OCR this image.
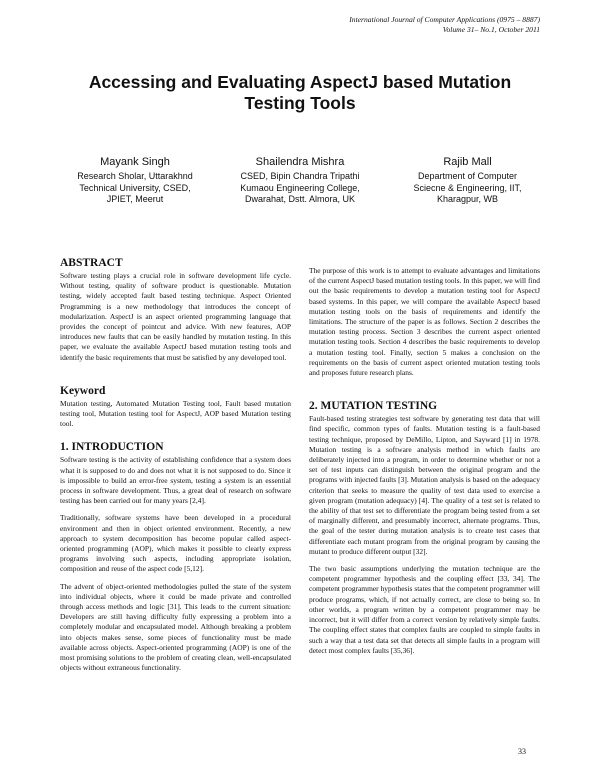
International Journal of Computer Applications (0975 – 8887)
Volume 31– No.1, October 2011
Accessing and Evaluating AspectJ based Mutation Testing Tools
Mayank Singh
Research Sholar, Uttarakhnd Technical University, CSED, JPIET, Meerut
Shailendra Mishra
CSED, Bipin Chandra Tripathi Kumaou Engineering College, Dwarahat, Dstt. Almora, UK
Rajib Mall
Department of Computer Sciecne & Engineering, IIT, Kharagpur, WB
ABSTRACT

Software testing plays a crucial role in software development life cycle. Without testing, quality of software product is questionable. Mutation testing, widely accepted fault based testing technique. Aspect Oriented Programming is a new methodology that introduces the concept of modularization. AspectJ is an aspect oriented programming language that provides the concept of pointcut and advice. With new features, AOP introduces new faults that can be easily handled by mutation testing. In this paper, we evaluate the available AspectJ based mutation testing tools and identify the basic requirements that must be satisfied by any developed tool.

Keyword

Mutation testing, Automated Mutation Testing tool, Fault based mutation testing tool, Mutation testing tool for AspectJ, AOP based Mutation testing tool.

1. INTRODUCTION

Software testing is the activity of establishing confidence that a system does what it is supposed to do and does not what it is not supposed to do. Since it is impossible to build an error-free system, testing a system is an essential process in software development. Thus, a great deal of research on software testing has been carried out for many years [2,4].

Traditionally, software systems have been developed in a procedural environment and then in object oriented environment. Recently, a new approach to system decomposition has become popular called aspect-oriented programming (AOP), which makes it possible to clearly express programs involving such aspects, including appropriate isolation, composition and reuse of the aspect code [5,12].

The advent of object-oriented methodologies pulled the state of the system into individual objects, where it could be made private and controlled through access methods and logic [31]. This leads to the current situation: Developers are still having difficulty fully expressing a problem into a completely modular and encapsulated model. Although breaking a problem into objects makes sense, some pieces of functionality must be made available across objects. Aspect-oriented programming (AOP) is one of the most promising solutions to the problem of creating clean, well-encapsulated objects without extraneous functionality.

The purpose of this work is to attempt to evaluate advantages and limitations of the current AspectJ based mutation testing tools. In this paper, we will find out the basic requirements to develop a mutation testing tool for AspectJ based systems. In this paper, we will compare the available AspectJ based mutation testing tools on the basis of requirements and identify the limitations. The structure of the paper is as follows. Section 2 describes the mutation testing process. Section 3 describes the current aspect oriented mutation testing tools. Section 4 describes the basic requirements to develop a mutation testing tool. Finally, section 5 makes a conclusion on the requirements on the basis of current aspect oriented mutation testing tools and proposes future research plans.

2. MUTATION TESTING

Fault-based testing strategies test software by generating test data that will find specific, common types of faults. Mutation testing is a fault-based testing technique, proposed by DeMillo, Lipton, and Sayward [1] in 1978. Mutation testing is a software analysis method in which faults are deliberately injected into a program, in order to determine whether or not a set of test inputs can distinguish between the original program and the programs with injected faults [3]. Mutation analysis is based on the adequacy criterion that seeks to measure the quality of test data used to exercise a given program (mutation adequacy) [4]. The quality of a test set is related to the ability of that test set to differentiate the program being tested from a set of marginally different, and presumably incorrect, alternate programs. Thus, the goal of the tester during mutation analysis is to create test cases that differentiate each mutant program from the original program by causing the mutant to produce different output [32].

The two basic assumptions underlying the mutation technique are the competent programmer hypothesis and the coupling effect [33, 34]. The competent programmer hypothesis states that the competent programmer will produce programs, which, if not actually correct, are close to being so. In other worlds, a program written by a competent programmer may be incorrect, but it will differ from a correct version by relatively simple faults. The coupling effect states that complex faults are coupled to simple faults in such a way that a test data set that detects all simple faults in a program will detect most complex faults [35,36].

33
